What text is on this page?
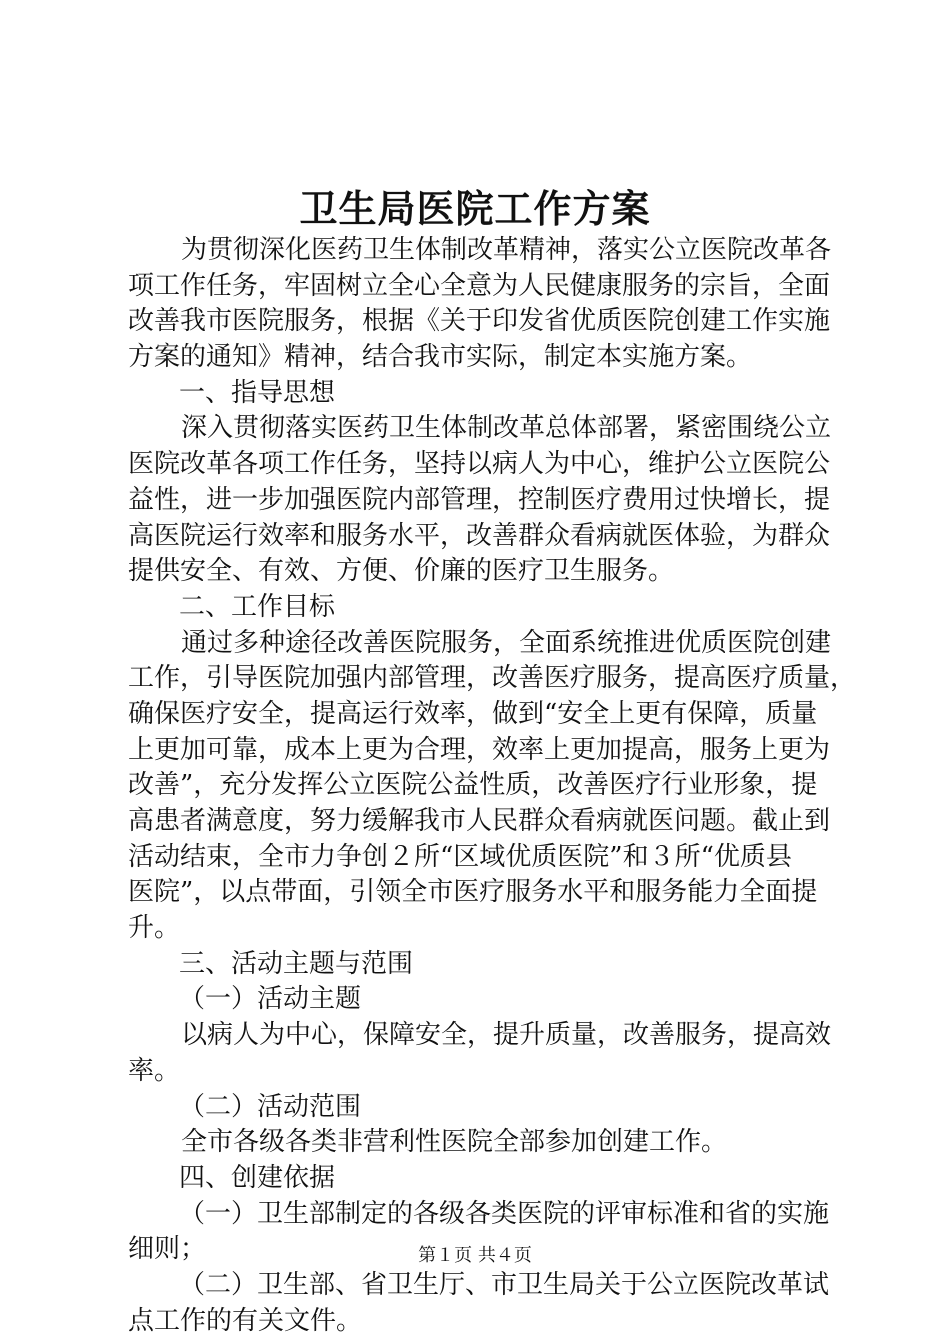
卫生局医院工作方案
为贯彻深化医药卫生体制改革精神，落实公立医院改革各
项工作任务，牢固树立全心全意为人民健康服务的宗旨，全面
改善我市医院服务，根据《关于印发省优质医院创建工作实施
方案的通知》精神，结合我市实际，制定本实施方案。
一、指导思想
深入贯彻落实医药卫生体制改革总体部署，紧密围绕公立
医院改革各项工作任务，坚持以病人为中心，维护公立医院公
益性，进一步加强医院内部管理，控制医疗费用过快增长，提
高医院运行效率和服务水平，改善群众看病就医体验，为群众
提供安全、有效、方便、价廉的医疗卫生服务。
二、工作目标
通过多种途径改善医院服务，全面系统推进优质医院创建
工作，引导医院加强内部管理，改善医疗服务，提高医疗质量，
确保医疗安全，提高运行效率，做到“安全上更有保障，质量
上更加可靠，成本上更为合理，效率上更加提高，服务上更为
改善”，充分发挥公立医院公益性质，改善医疗行业形象，提
高患者满意度，努力缓解我市人民群众看病就医问题。截止到
活动结束，全市力争创２所“区域优质医院”和３所“优质县
医院”，以点带面，引领全市医疗服务水平和服务能力全面提
升。
三、活动主题与范围
（一）活动主题
以病人为中心，保障安全，提升质量，改善服务，提高效
率。
（二）活动范围
全市各级各类非营利性医院全部参加创建工作。
四、创建依据
（一）卫生部制定的各级各类医院的评审标准和省的实施
细则；
（二）卫生部、省卫生厅、市卫生局关于公立医院改革试
点工作的有关文件。
第１页 共４页
